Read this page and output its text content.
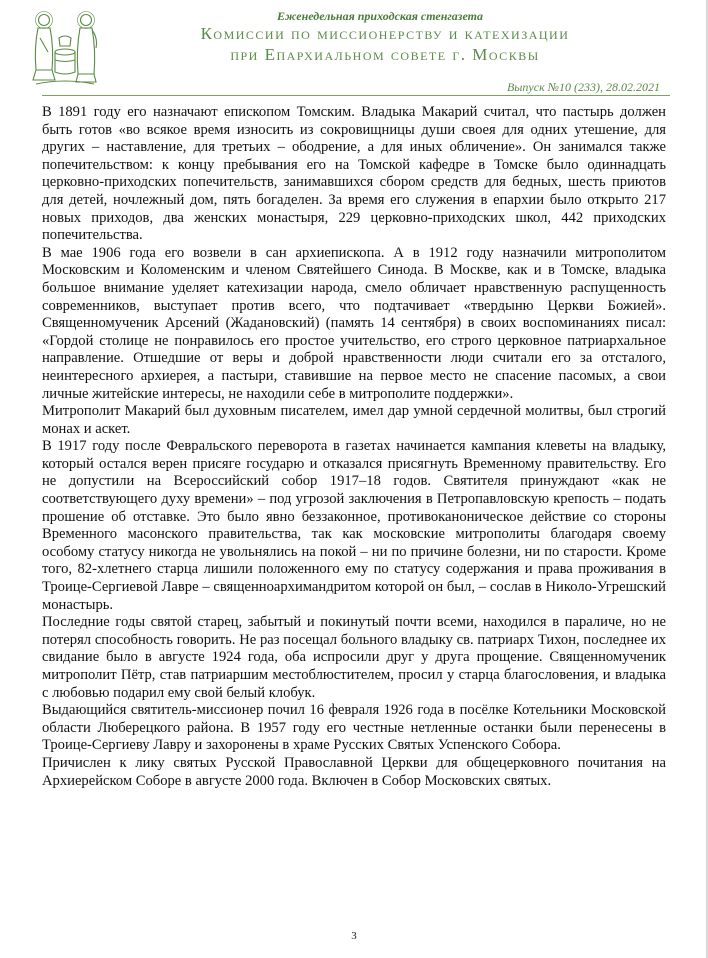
Еженедельная приходская стенгазета
Комиссии по миссионерству и катехизации
при Епархиальном совете г. Москвы
Выпуск №10 (233), 28.02.2021

В 1891 году его назначают епископом Томским. Владыка Макарий считал, что пастырь должен быть готов «во всякое время износить из сокровищницы души своея для одних утешение, для других – наставление, для третьих – ободрение, а для иных обличение». Он занимался также попечительством: к концу пребывания его на Томской кафедре в Томске было одиннадцать церковно-приходских попечительств, занимавшихся сбором средств для бедных, шесть приютов для детей, ночлежный дом, пять богаделен. За время его служения в епархии было открыто 217 новых приходов, два женских монастыря, 229 церковно-приходских школ, 442 приходских попечительства.

В мае 1906 года его возвели в сан архиепископа. А в 1912 году назначили митрополитом Московским и Коломенским и членом Святейшего Синода. В Москве, как и в Томске, владыка большое внимание уделяет катехизации народа, смело обличает нравственную распущенность современников, выступает против всего, что подтачивает «твердыню Церкви Божией». Священномученик Арсений (Жадановский) (память 14 сентября) в своих воспоминаниях писал: «Гордой столице не понравилось его простое учительство, его строго церковное патриархальное направление. Отшедшие от веры и доброй нравственности люди считали его за отсталого, неинтересного архиерея, а пастыри, ставившие на первое место не спасение пасомых, а свои личные житейские интересы, не находили себе в митрополите поддержки».

Митрополит Макарий был духовным писателем, имел дар умной сердечной молитвы, был строгий монах и аскет.

В 1917 году после Февральского переворота в газетах начинается кампания клеветы на владыку, который остался верен присяге государю и отказался присягнуть Временному правительству. Его не допустили на Всероссийский собор 1917–18 годов. Святителя принуждают «как не соответствующего духу времени» – под угрозой заключения в Петропавловскую крепость – подать прошение об отставке. Это было явно беззаконное, противоканоническое действие со стороны Временного масонского правительства, так как московские митрополиты благодаря своему особому статусу никогда не увольнялись на покой – ни по причине болезни, ни по старости. Кроме того, 82-хлетнего старца лишили положенного ему по статусу содержания и права проживания в Троице-Сергиевой Лавре – священноархимандритом которой он был, – сослав в Николо-Угрешский монастырь.

Последние годы святой старец, забытый и покинутый почти всеми, находился в параличе, но не потерял способность говорить. Не раз посещал больного владыку св. патриарх Тихон, последнее их свидание было в августе 1924 года, оба испросили друг у друга прощение. Священномученик митрополит Пётр, став патриаршим местоблюстителем, просил у старца благословения, и владыка с любовью подарил ему свой белый клобук.

Выдающийся святитель-миссионер почил 16 февраля 1926 года в посёлке Котельники Московской области Люберецкого района. В 1957 году его честные нетленные останки были перенесены в Троице-Сергиеву Лавру и захоронены в храме Русских Святых Успенского Собора.

Причислен к лику святых Русской Православной Церкви для общецерковного почитания на Архиерейском Соборе в августе 2000 года. Включен в Собор Московских святых.

3
